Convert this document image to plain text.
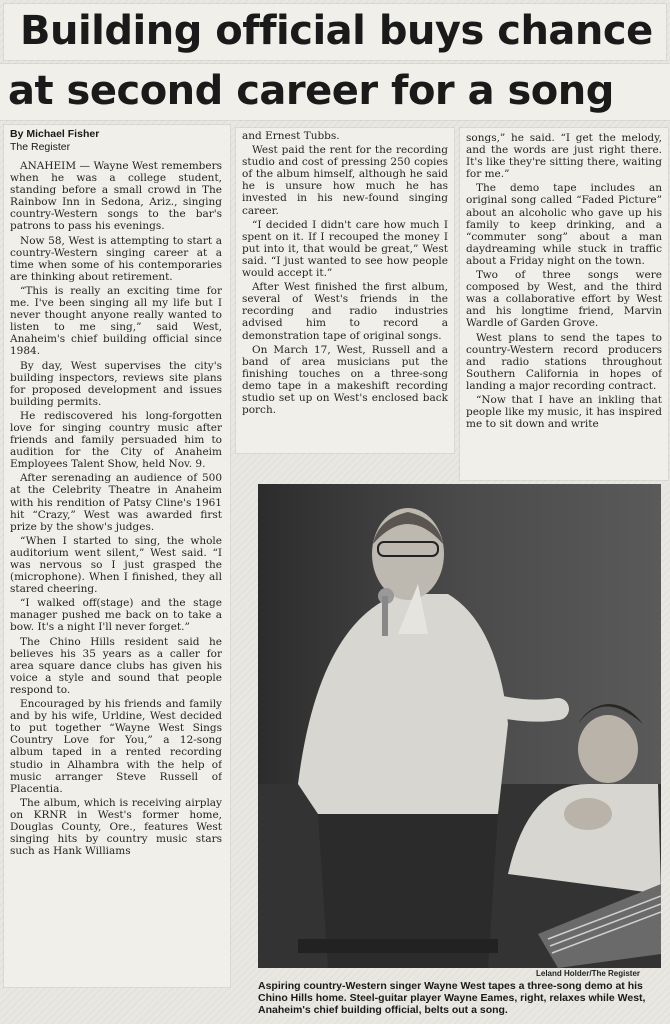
Building official buys chance
at second career for a song
By Michael Fisher
The Register

ANAHEIM — Wayne West remembers when he was a college student, standing before a small crowd in The Rainbow Inn in Sedona, Ariz., singing country-Western songs to the bar's patrons to pass his evenings.

Now 58, West is attempting to start a country-Western singing career at a time when some of his contemporaries are thinking about retirement.

“This is really an exciting time for me. I've been singing all my life but I never thought anyone really wanted to listen to me sing,” said West, Anaheim's chief building official since 1984.

By day, West supervises the city's building inspectors, reviews site plans for proposed development and issues building permits.

He rediscovered his long-forgotten love for singing country music after friends and family persuaded him to audition for the City of Anaheim Employees Talent Show, held Nov. 9.

After serenading an audience of 500 at the Celebrity Theatre in Anaheim with his rendition of Patsy Cline's 1961 hit “Crazy,” West was awarded first prize by the show's judges.

“When I started to sing, the whole auditorium went silent,” West said. “I was nervous so I just grasped the (microphone). When I finished, they all stared cheering.

“I walked off(stage) and the stage manager pushed me back on to take a bow. It's a night I'll never forget.”

The Chino Hills resident said he believes his 35 years as a caller for area square dance clubs has given his voice a style and sound that people respond to.

Encouraged by his friends and family and by his wife, Urldine, West decided to put together “Wayne West Sings Country Love for You,” a 12-song album taped in a rented recording studio in Alhambra with the help of music arranger Steve Russell of Placentia.

The album, which is receiving airplay on KRNR in West's former home, Douglas County, Ore., features West singing hits by country music stars such as Hank Williams

and Ernest Tubbs.

West paid the rent for the recording studio and cost of pressing 250 copies of the album himself, although he said he is unsure how much he has invested in his new-found singing career.

“I decided I didn't care how much I spent on it. If I recouped the money I put into it, that would be great,” West said. “I just wanted to see how people would accept it.”

After West finished the first album, several of West's friends in the recording and radio industries advised him to record a demonstration tape of original songs.

On March 17, West, Russell and a band of area musicians put the finishing touches on a three-song demo tape in a makeshift recording studio set up on West's enclosed back porch.

songs,” he said. “I get the melody, and the words are just right there. It's like they're sitting there, waiting for me.”

The demo tape includes an original song called “Faded Picture” about an alcoholic who gave up his family to keep drinking, and a “commuter song” about a man daydreaming while stuck in traffic about a Friday night on the town.

Two of three songs were composed by West, and the third was a collaborative effort by West and his longtime friend, Marvin Wardle of Garden Grove.

West plans to send the tapes to country-Western record producers and radio stations throughout Southern California in hopes of landing a major recording contract.

“Now that I have an inkling that people like my music, it has inspired me to sit down and write

Leland Holder/The Register
Aspiring country-Western singer Wayne West tapes a three-song demo at his Chino Hills home. Steel-guitar player Wayne Eames, right, relaxes while West, Anaheim's chief building official, belts out a song.
